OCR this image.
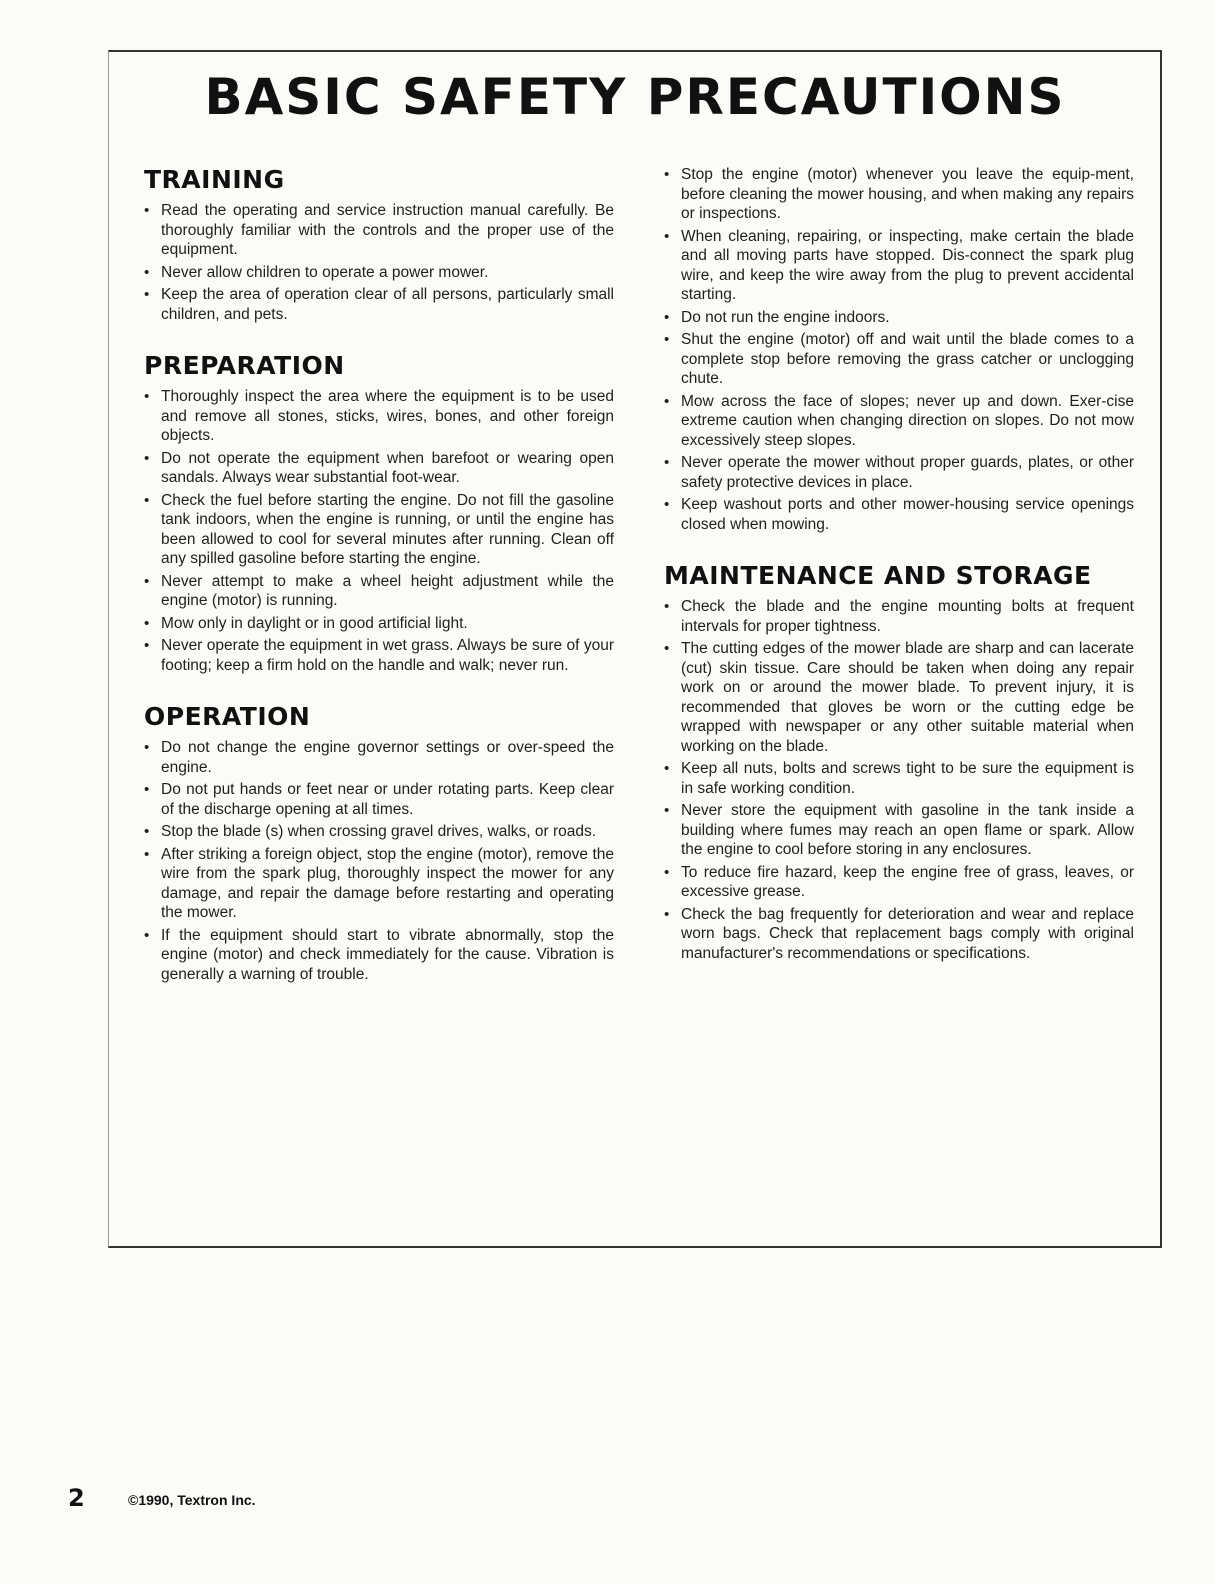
BASIC SAFETY PRECAUTIONS
TRAINING
• Read the operating and service instruction manual carefully. Be thoroughly familiar with the controls and the proper use of the equipment.
• Never allow children to operate a power mower.
• Keep the area of operation clear of all persons, particularly small children, and pets.
PREPARATION
• Thoroughly inspect the area where the equipment is to be used and remove all stones, sticks, wires, bones, and other foreign objects.
• Do not operate the equipment when barefoot or wearing open sandals. Always wear substantial foot-wear.
• Check the fuel before starting the engine. Do not fill the gasoline tank indoors, when the engine is running, or until the engine has been allowed to cool for several minutes after running. Clean off any spilled gasoline before starting the engine.
• Never attempt to make a wheel height adjustment while the engine (motor) is running.
• Mow only in daylight or in good artificial light.
• Never operate the equipment in wet grass. Always be sure of your footing; keep a firm hold on the handle and walk; never run.
OPERATION
• Do not change the engine governor settings or over-speed the engine.
• Do not put hands or feet near or under rotating parts. Keep clear of the discharge opening at all times.
• Stop the blade (s) when crossing gravel drives, walks, or roads.
• After striking a foreign object, stop the engine (motor), remove the wire from the spark plug, thoroughly inspect the mower for any damage, and repair the damage before restarting and operating the mower.
• If the equipment should start to vibrate abnormally, stop the engine (motor) and check immediately for the cause. Vibration is generally a warning of trouble.
• Stop the engine (motor) whenever you leave the equip-ment, before cleaning the mower housing, and when making any repairs or inspections.
• When cleaning, repairing, or inspecting, make certain the blade and all moving parts have stopped. Dis-connect the spark plug wire, and keep the wire away from the plug to prevent accidental starting.
• Do not run the engine indoors.
• Shut the engine (motor) off and wait until the blade comes to a complete stop before removing the grass catcher or unclogging chute.
• Mow across the face of slopes; never up and down. Exer-cise extreme caution when changing direction on slopes. Do not mow excessively steep slopes.
• Never operate the mower without proper guards, plates, or other safety protective devices in place.
• Keep washout ports and other mower-housing service openings closed when mowing.
MAINTENANCE AND STORAGE
• Check the blade and the engine mounting bolts at frequent intervals for proper tightness.
• The cutting edges of the mower blade are sharp and can lacerate (cut) skin tissue. Care should be taken when doing any repair work on or around the mower blade. To prevent injury, it is recommended that gloves be worn or the cutting edge be wrapped with newspaper or any other suitable material when working on the blade.
• Keep all nuts, bolts and screws tight to be sure the equipment is in safe working condition.
• Never store the equipment with gasoline in the tank inside a building where fumes may reach an open flame or spark. Allow the engine to cool before storing in any enclosures.
• To reduce fire hazard, keep the engine free of grass, leaves, or excessive grease.
• Check the bag frequently for deterioration and wear and replace worn bags. Check that replacement bags comply with original manufacturer's recommendations or specifications.
2	©1990, Textron Inc.
